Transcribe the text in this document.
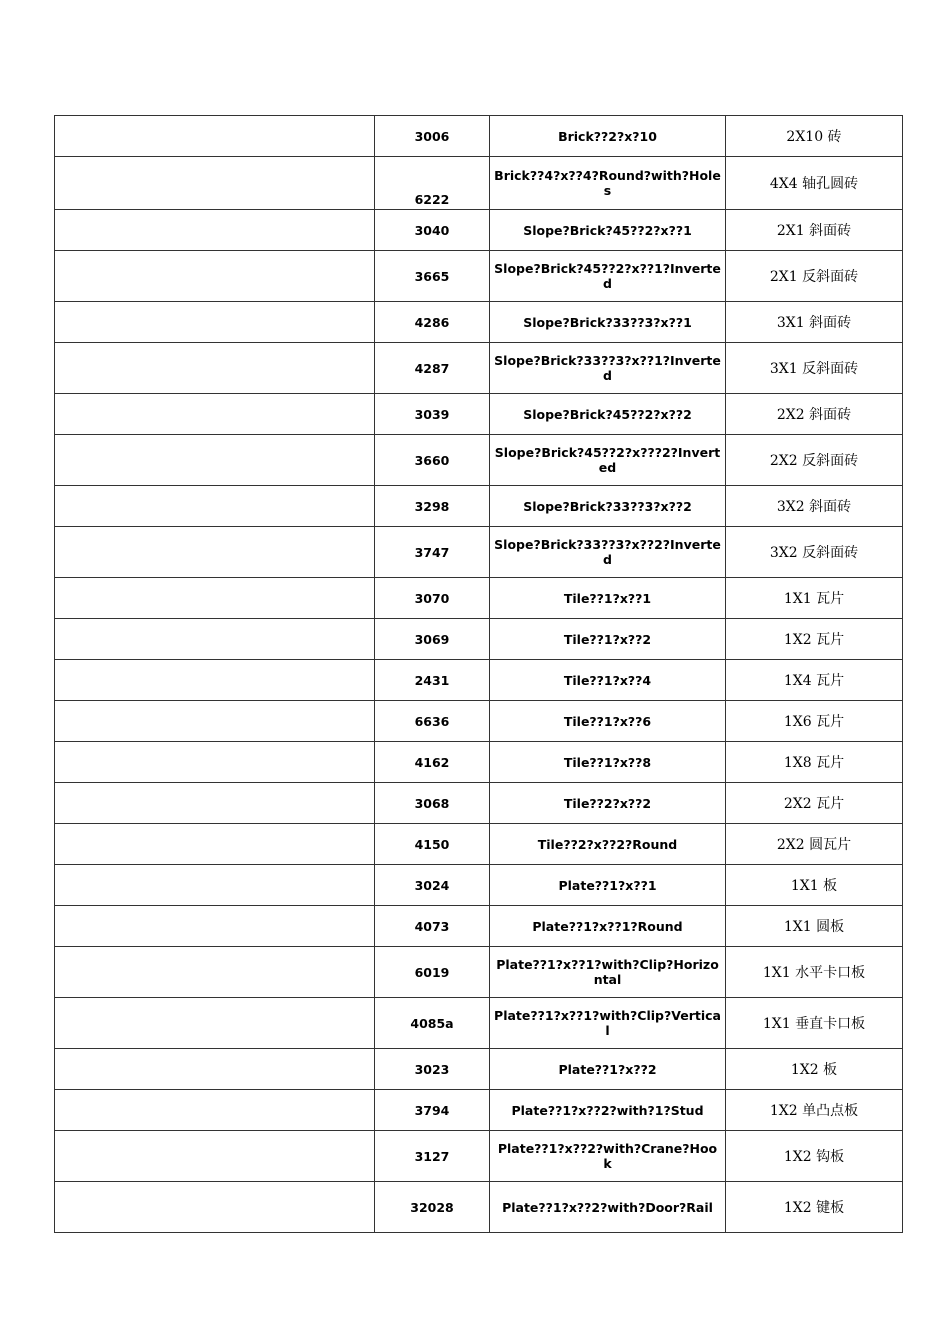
	3006	Brick??2?x?10	2X10 砖
	6222	Brick??4?x??4?Round?with?Holes	4X4 轴孔圆砖
	3040	Slope?Brick?45??2?x??1	2X1 斜面砖
	3665	Slope?Brick?45??2?x??1?Inverted	2X1 反斜面砖
	4286	Slope?Brick?33??3?x??1	3X1 斜面砖
	4287	Slope?Brick?33??3?x??1?Inverted	3X1 反斜面砖
	3039	Slope?Brick?45??2?x??2	2X2 斜面砖
	3660	Slope?Brick?45??2?x???2?Inverted	2X2 反斜面砖
	3298	Slope?Brick?33??3?x??2	3X2 斜面砖
	3747	Slope?Brick?33??3?x??2?Inverted	3X2 反斜面砖
	3070	Tile??1?x??1	1X1 瓦片
	3069	Tile??1?x??2	1X2 瓦片
	2431	Tile??1?x??4	1X4 瓦片
	6636	Tile??1?x??6	1X6 瓦片
	4162	Tile??1?x??8	1X8 瓦片
	3068	Tile??2?x??2	2X2 瓦片
	4150	Tile??2?x??2?Round	2X2 圆瓦片
	3024	Plate??1?x??1	1X1 板
	4073	Plate??1?x??1?Round	1X1 圆板
	6019	Plate??1?x??1?with?Clip?Horizontal	1X1 水平卡口板
	4085a	Plate??1?x??1?with?Clip?Vertical	1X1 垂直卡口板
	3023	Plate??1?x??2	1X2 板
	3794	Plate??1?x??2?with?1?Stud	1X2 单凸点板
	3127	Plate??1?x??2?with?Crane?Hook	1X2 钩板
	32028	Plate??1?x??2?with?Door?Rail	1X2 键板
